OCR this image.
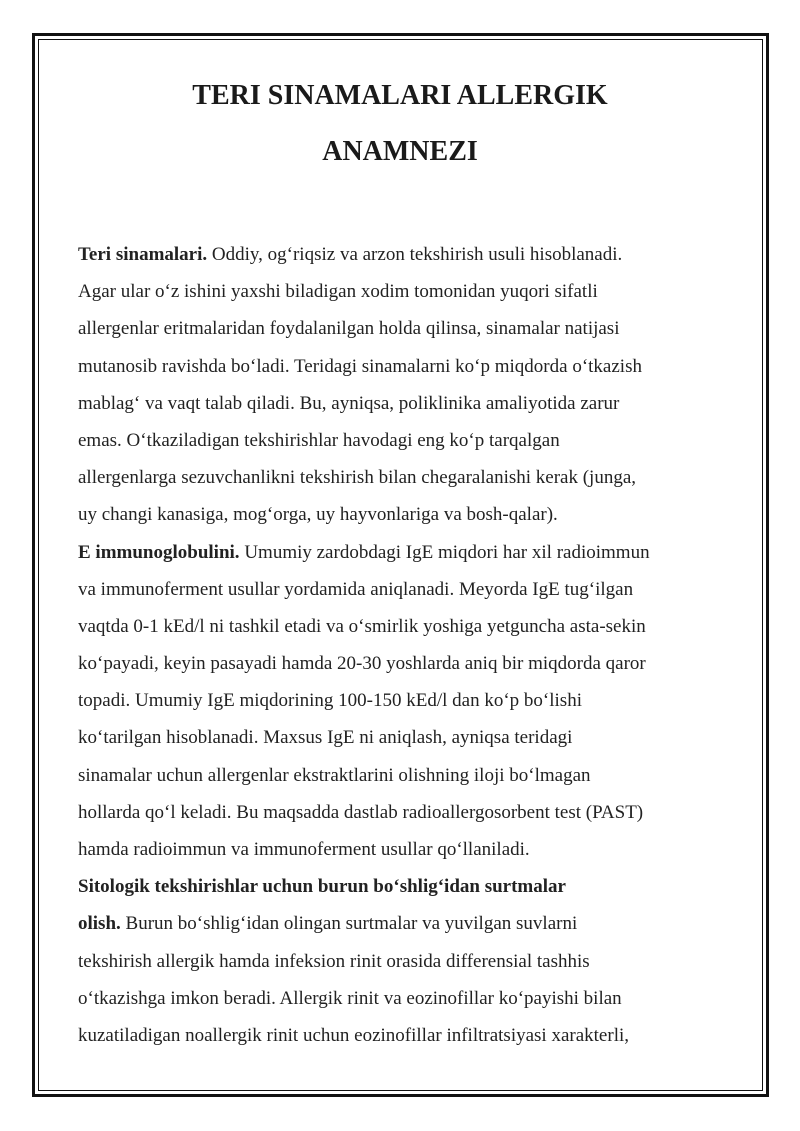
TERI SINAMALARI ALLERGIK
ANAMNEZI
Teri sinamalari. Oddiy, og‘riqsiz va arzon tekshirish usuli hisoblanadi.
Agar ular o‘z ishini yaxshi biladigan xodim tomonidan yuqori sifatli
allergenlar eritmalaridan foydalanilgan holda qilinsa, sinamalar natijasi
mutanosib ravishda bo‘ladi. Teridagi sinamalarni ko‘p miqdorda o‘tkazish
mablag‘ va vaqt talab qiladi. Bu, ayniqsa, poliklinika amaliyotida zarur
emas. O‘tkaziladigan tekshirishlar havodagi eng ko‘p tarqalgan
allergenlarga sezuvchanlikni tekshirish bilan chegaralanishi kerak (junga,
uy changi kanasiga, mog‘orga, uy hayvonlariga va bosh-qalar).
E immunoglobulini. Umumiy zardobdagi IgE miqdori har xil radioimmun
va immunoferment usullar yordamida aniqlanadi. Meyorda IgE tug‘ilgan
vaqtda 0-1 kEd/l ni tashkil etadi va o‘smirlik yoshiga yetguncha asta-sekin
ko‘payadi, keyin pasayadi hamda 20-30 yoshlarda aniq bir miqdorda qaror
topadi. Umumiy IgE miqdorining 100-150 kEd/l dan ko‘p bo‘lishi
ko‘tarilgan hisoblanadi. Maxsus IgE ni aniqlash, ayniqsa teridagi
sinamalar uchun allergenlar ekstraktlarini olishning iloji bo‘lmagan
hollarda qo‘l keladi. Bu maqsadda dastlab radioallergosorbent test (PAST)
hamda radioimmun va immunoferment usullar qo‘llaniladi.
Sitologik tekshirishlar uchun burun bo‘shlig‘idan surtmalar
olish. Burun bo‘shlig‘idan olingan surtmalar va yuvilgan suvlarni
tekshirish allergik hamda infeksion rinit orasida differensial tashhis
o‘tkazishga imkon beradi. Allergik rinit va eozinofillar ko‘payishi bilan
kuzatiladigan noallergik rinit uchun eozinofillar infiltratsiyasi xarakterli,
